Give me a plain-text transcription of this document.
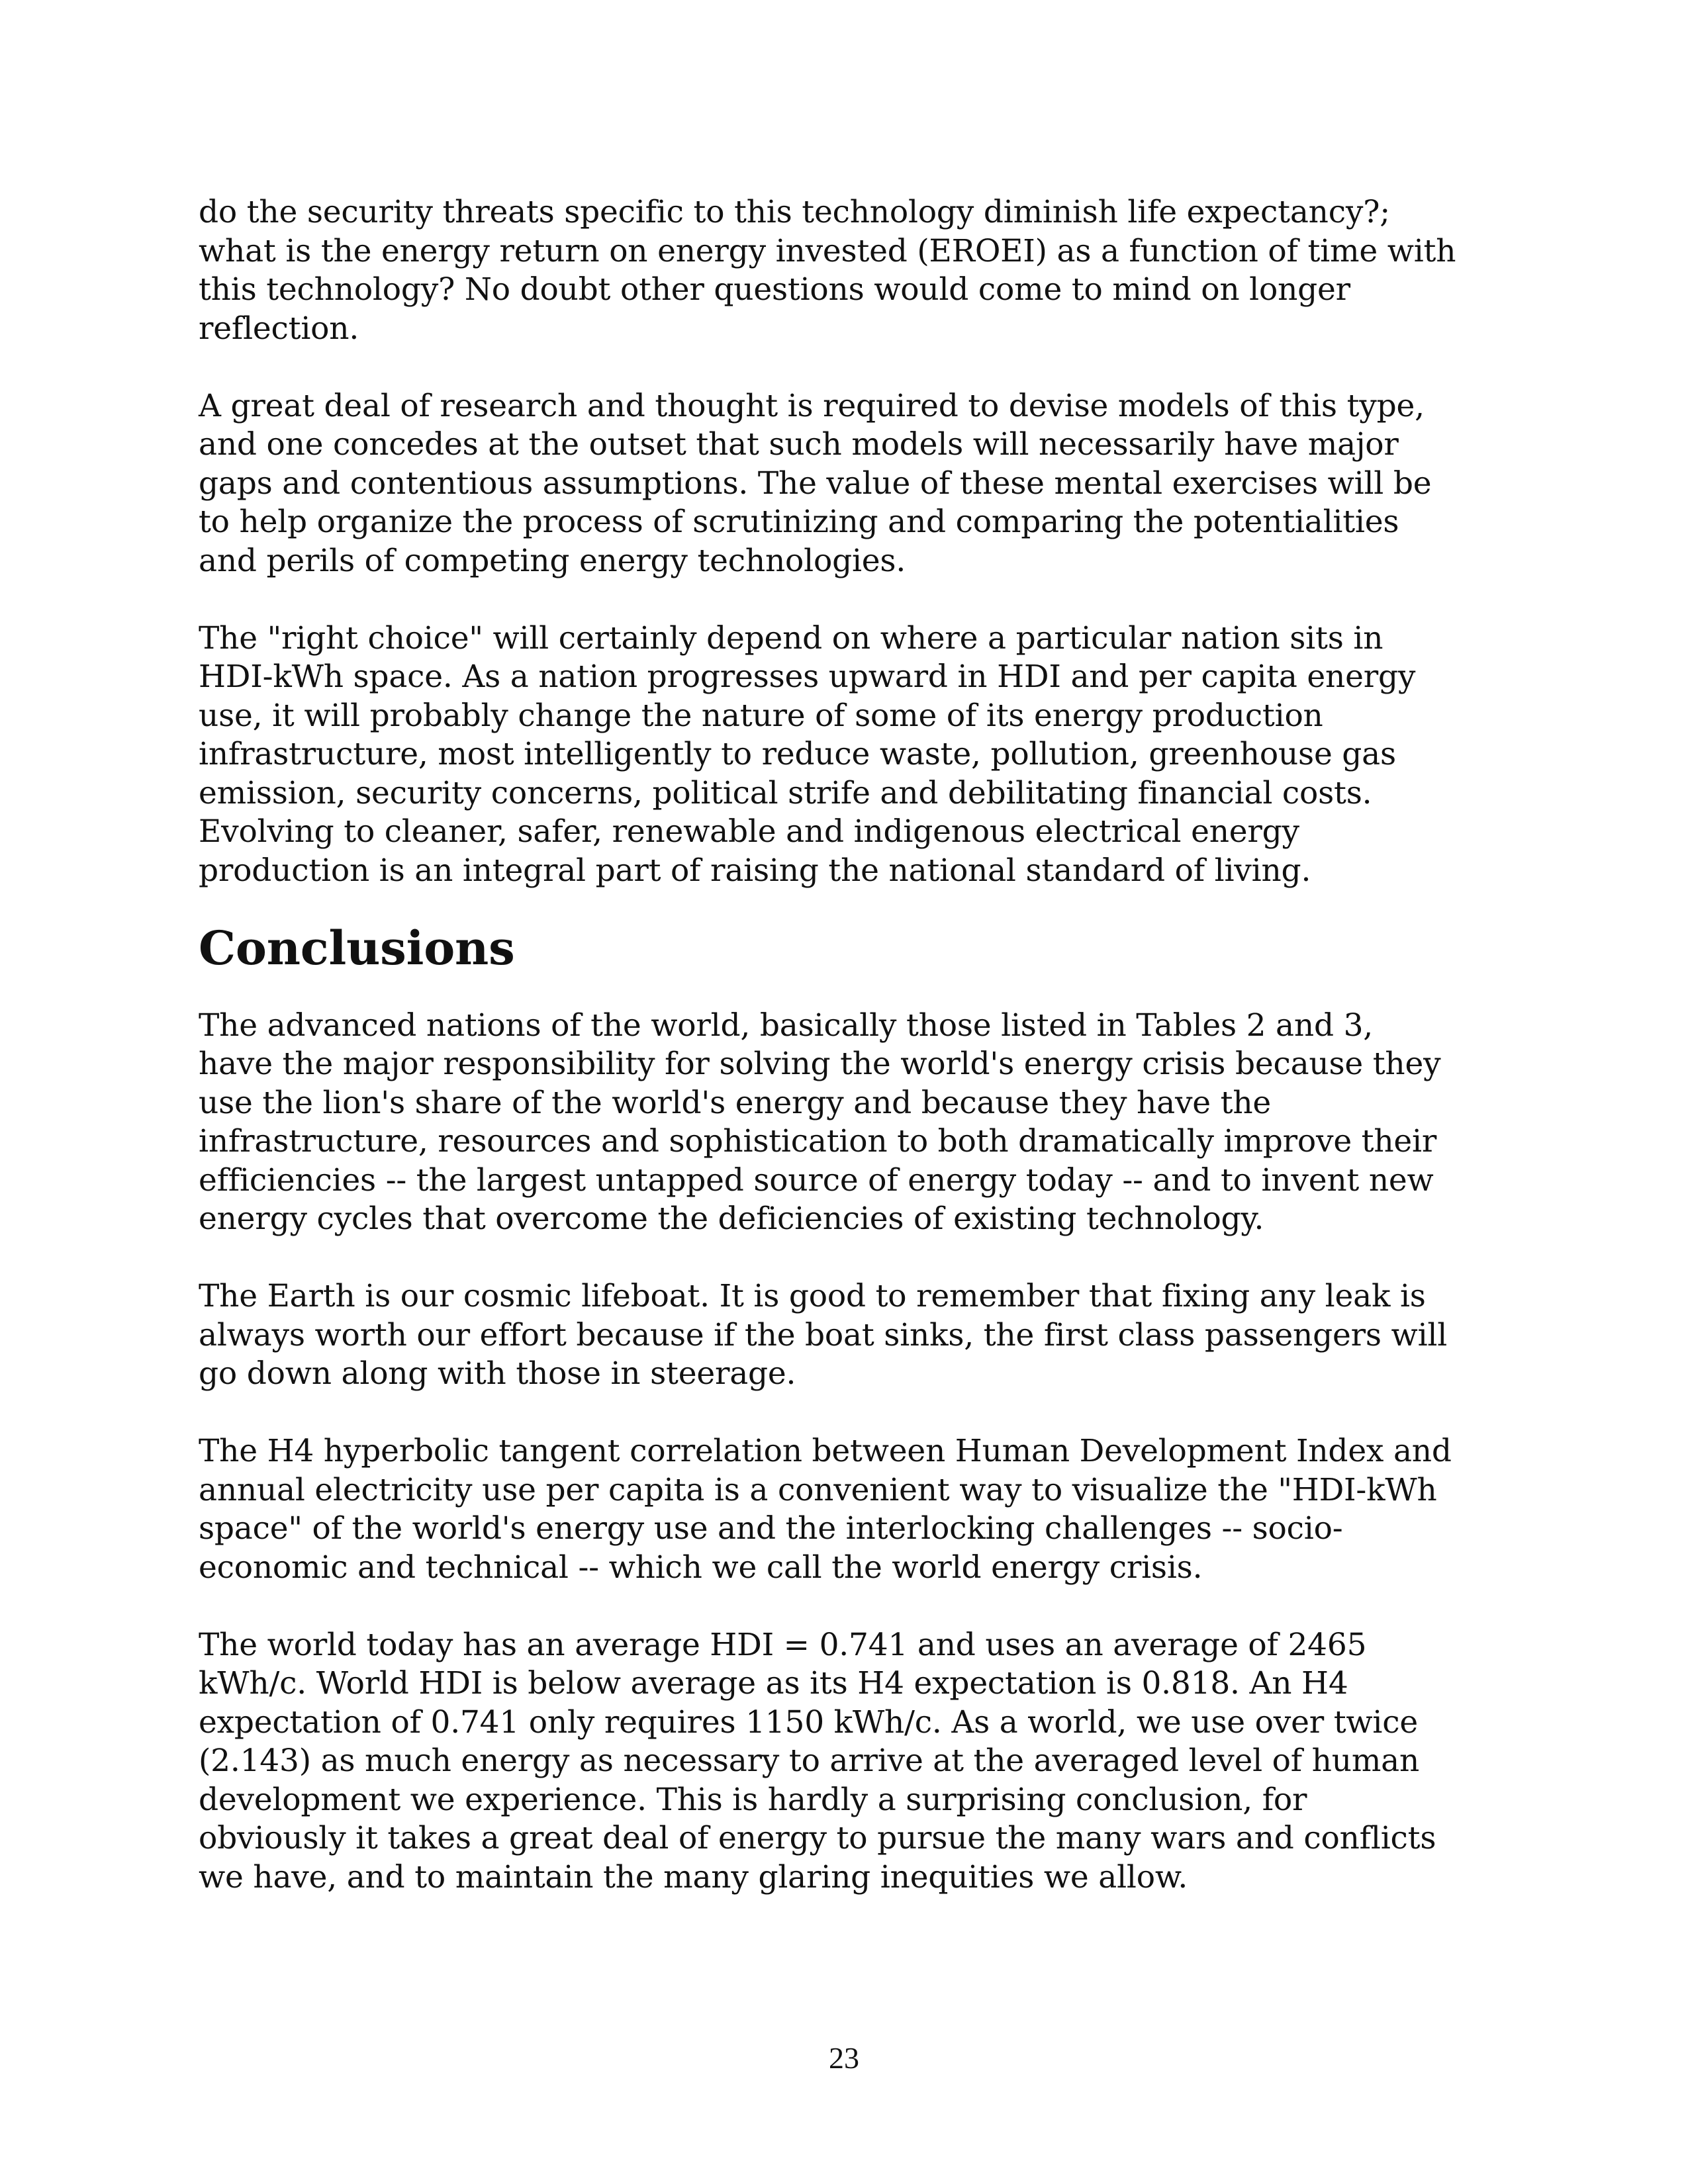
do the security threats specific to this technology diminish life expectancy?;
what is the energy return on energy invested (EROEI) as a function of time with
this technology? No doubt other questions would come to mind on longer
reflection.

A great deal of research and thought is required to devise models of this type,
and one concedes at the outset that such models will necessarily have major
gaps and contentious assumptions. The value of these mental exercises will be
to help organize the process of scrutinizing and comparing the potentialities
and perils of competing energy technologies.

The "right choice" will certainly depend on where a particular nation sits in
HDI-kWh space. As a nation progresses upward in HDI and per capita energy
use, it will probably change the nature of some of its energy production
infrastructure, most intelligently to reduce waste, pollution, greenhouse gas
emission, security concerns, political strife and debilitating financial costs.
Evolving to cleaner, safer, renewable and indigenous electrical energy
production is an integral part of raising the national standard of living.

Conclusions

The advanced nations of the world, basically those listed in Tables 2 and 3,
have the major responsibility for solving the world's energy crisis because they
use the lion's share of the world's energy and because they have the
infrastructure, resources and sophistication to both dramatically improve their
efficiencies -- the largest untapped source of energy today -- and to invent new
energy cycles that overcome the deficiencies of existing technology.

The Earth is our cosmic lifeboat. It is good to remember that fixing any leak is
always worth our effort because if the boat sinks, the first class passengers will
go down along with those in steerage.

The H4 hyperbolic tangent correlation between Human Development Index and
annual electricity use per capita is a convenient way to visualize the "HDI-kWh
space" of the world's energy use and the interlocking challenges -- socio-
economic and technical -- which we call the world energy crisis.

The world today has an average HDI = 0.741 and uses an average of 2465
kWh/c. World HDI is below average as its H4 expectation is 0.818. An H4
expectation of 0.741 only requires 1150 kWh/c. As a world, we use over twice
(2.143) as much energy as necessary to arrive at the averaged level of human
development we experience. This is hardly a surprising conclusion, for
obviously it takes a great deal of energy to pursue the many wars and conflicts
we have, and to maintain the many glaring inequities we allow.

23
